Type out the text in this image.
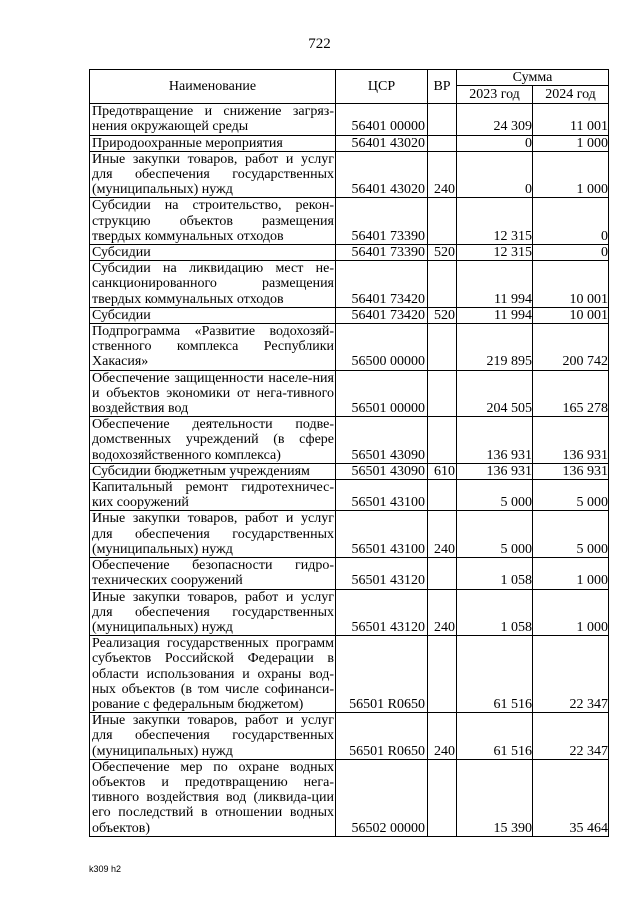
722
Наименование	ЦСР	ВР	Сумма	
			2023 год	2024 год
Предотвращение и снижение загряз-нения окружающей среды	56401 00000		24 309	11 001
Природоохранные мероприятия	56401 43020		0	1 000
Иные закупки товаров, работ и услуг для обеспечения государственных (муниципальных) нужд	56401 43020	240	0	1 000
Субсидии на строительство, рекон-струкцию объектов размещения твердых коммунальных отходов	56401 73390		12 315	0
Субсидии	56401 73390	520	12 315	0
Субсидии на ликвидацию мест не-санкционированного размещения твердых коммунальных отходов	56401 73420		11 994	10 001
Субсидии	56401 73420	520	11 994	10 001
Подпрограмма «Развитие водохозяй-ственного комплекса Республики Хакасия»	56500 00000		219 895	200 742
Обеспечение защищенности населе-ния и объектов экономики от нега-тивного воздействия вод	56501 00000		204 505	165 278
Обеспечение деятельности подве-домственных учреждений (в сфере водохозяйственного комплекса)	56501 43090		136 931	136 931
Субсидии бюджетным учреждениям	56501 43090	610	136 931	136 931
Капитальный ремонт гидротехничес-ких сооружений	56501 43100		5 000	5 000
Иные закупки товаров, работ и услуг для обеспечения государственных (муниципальных) нужд	56501 43100	240	5 000	5 000
Обеспечение безопасности гидро-технических сооружений	56501 43120		1 058	1 000
Иные закупки товаров, работ и услуг для обеспечения государственных (муниципальных) нужд	56501 43120	240	1 058	1 000
Реализация государственных программ субъектов Российской Федерации в области использования и охраны вод-ных объектов (в том числе софинанси-рование с федеральным бюджетом)	56501 R0650		61 516	22 347
Иные закупки товаров, работ и услуг для обеспечения государственных (муниципальных) нужд	56501 R0650	240	61 516	22 347
Обеспечение мер по охране водных объектов и предотвращению нега-тивного воздействия вод (ликвида-ции его последствий в отношении водных объектов)	56502 00000		15 390	35 464
k309 h2
